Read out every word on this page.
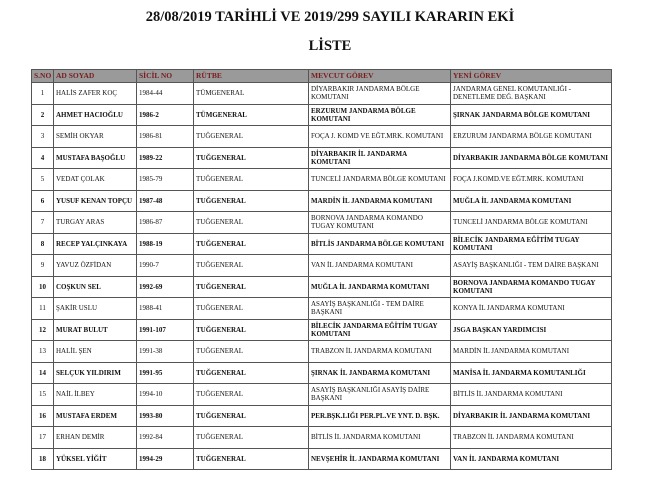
28/08/2019 TARİHLİ VE 2019/299 SAYILI KARARIN EKİ
LİSTE
S.NO	AD SOYAD	SİCİL NO	RÜTBE	MEVCUT GÖREV	YENİ GÖREV
1	HALİS ZAFER KOÇ	1984-44	TÜMGENERAL	DİYARBAKIR JANDARMA BÖLGE KOMUTANI	JANDARMA GENEL KOMUTANLIĞI - DENETLEME DEĞ. BAŞKANI
2	AHMET HACIOĞLU	1986-2	TÜMGENERAL	ERZURUM JANDARMA BÖLGE KOMUTANI	ŞIRNAK JANDARMA BÖLGE KOMUTANI
3	SEMİH OKYAR	1986-81	TUĞGENERAL	FOÇA J. KOMD VE EĞT.MRK. KOMUTANI	ERZURUM JANDARMA BÖLGE KOMUTANI
4	MUSTAFA BAŞOĞLU	1989-22	TUĞGENERAL	DİYARBAKIR İL JANDARMA KOMUTANI	DİYARBAKIR JANDARMA BÖLGE KOMUTANI
5	VEDAT ÇOLAK	1985-79	TUĞGENERAL	TUNCELİ JANDARMA BÖLGE KOMUTANI	FOÇA J.KOMD.VE EĞT.MRK. KOMUTANI
6	YUSUF KENAN TOPÇU	1987-48	TUĞGENERAL	MARDİN İL JANDARMA KOMUTANI	MUĞLA İL JANDARMA KOMUTANI
7	TURGAY ARAS	1986-87	TUĞGENERAL	BORNOVA JANDARMA KOMANDO TUGAY KOMUTANI	TUNCELİ JANDARMA BÖLGE KOMUTANI
8	RECEP YALÇINKAYA	1988-19	TUĞGENERAL	BİTLİS JANDARMA BÖLGE KOMUTANI	BİLECİK JANDARMA EĞİTİM TUGAY KOMUTANI
9	YAVUZ ÖZFİDAN	1990-7	TUĞGENERAL	VAN İL JANDARMA KOMUTANI	ASAYİŞ BAŞKANLIĞI - TEM DAİRE BAŞKANI
10	COŞKUN SEL	1992-69	TUĞGENERAL	MUĞLA İL JANDARMA KOMUTANI	BORNOVA JANDARMA KOMANDO TUGAY KOMUTANI
11	ŞAKİR USLU	1988-41	TUĞGENERAL	ASAYİŞ BAŞKANLIĞI - TEM DAİRE BAŞKANI	KONYA İL JANDARMA KOMUTANI
12	MURAT BULUT	1991-107	TUĞGENERAL	BİLECİK JANDARMA EĞİTİM TUGAY KOMUTANI	JSGA BAŞKAN YARDIMCISI
13	HALİL ŞEN	1991-38	TUĞGENERAL	TRABZON İL JANDARMA KOMUTANI	MARDİN İL JANDARMA KOMUTANI
14	SELÇUK YILDIRIM	1991-95	TUĞGENERAL	ŞIRNAK İL JANDARMA KOMUTANI	MANİSA İL JANDARMA KOMUTANLIĞI
15	NAİL İLBEY	1994-10	TUĞGENERAL	ASAYİŞ BAŞKANLIĞI ASAYİŞ DAİRE BAŞKANI	BİTLİS İL JANDARMA KOMUTANI
16	MUSTAFA ERDEM	1993-80	TUĞGENERAL	PER.BŞK.LIĞI PER.PL.VE YNT. D. BŞK.	DİYARBAKIR İL JANDARMA KOMUTANI
17	ERHAN DEMİR	1992-84	TUĞGENERAL	BİTLİS İL JANDARMA KOMUTANI	TRABZON İL JANDARMA KOMUTANI
18	YÜKSEL YİĞİT	1994-29	TUĞGENERAL	NEVŞEHİR İL JANDARMA KOMUTANI	VAN İL JANDARMA KOMUTANI
